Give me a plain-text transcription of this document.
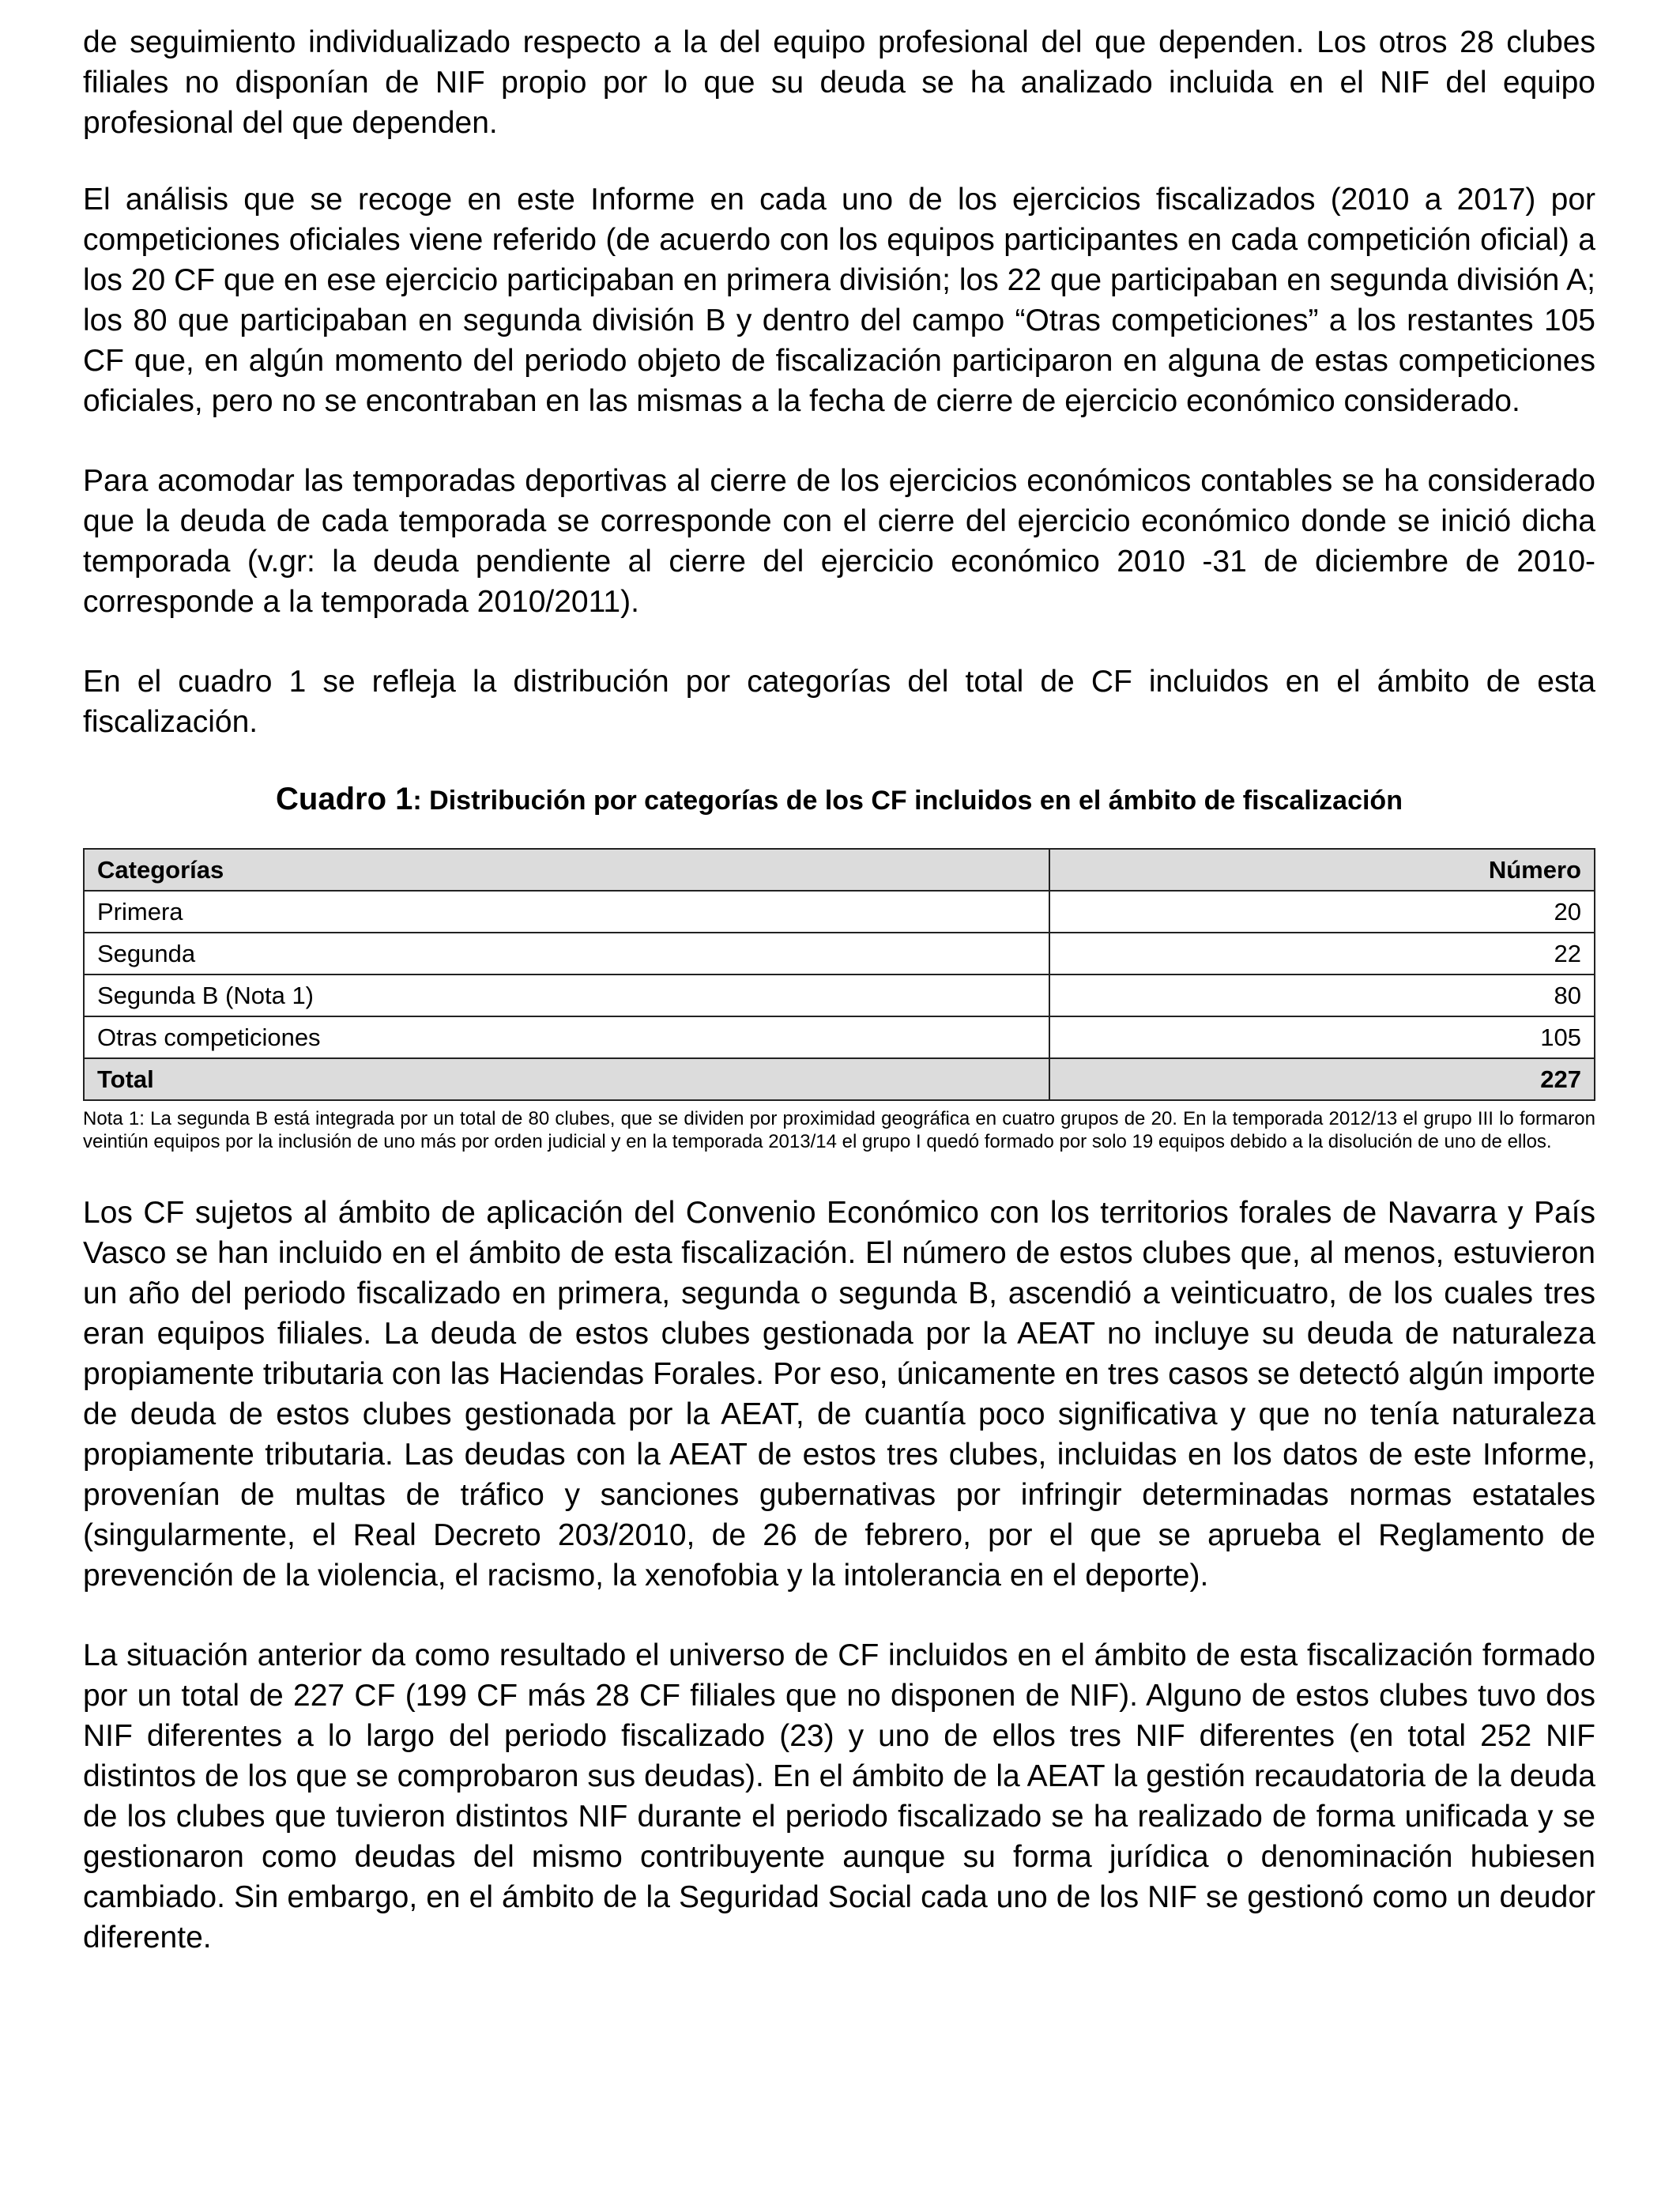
de seguimiento individualizado respecto a la del equipo profesional del que dependen. Los otros 28 clubes filiales no disponían de NIF propio por lo que su deuda se ha analizado incluida en el NIF del equipo profesional del que dependen.

El análisis que se recoge en este Informe en cada uno de los ejercicios fiscalizados (2010 a 2017) por competiciones oficiales viene referido (de acuerdo con los equipos participantes en cada competición oficial) a los 20 CF que en ese ejercicio participaban en primera división; los 22 que participaban en segunda división A; los 80 que participaban en segunda división B y dentro del campo “Otras competiciones” a los restantes 105 CF que, en algún momento del periodo objeto de fiscalización participaron en alguna de estas competiciones oficiales, pero no se encontraban en las mismas a la fecha de cierre de ejercicio económico considerado.

Para acomodar las temporadas deportivas al cierre de los ejercicios económicos contables se ha considerado que la deuda de cada temporada se corresponde con el cierre del ejercicio económico donde se inició dicha temporada (v.gr: la deuda pendiente al cierre del ejercicio económico 2010 -31 de diciembre de 2010- corresponde a la temporada 2010/2011).

En el cuadro 1 se refleja la distribución por categorías del total de CF incluidos en el ámbito de esta fiscalización.

Cuadro 1: Distribución por categorías de los CF incluidos en el ámbito de fiscalización
Categorías	Número
Primera	20
Segunda	22
Segunda B (Nota 1)	80
Otras competiciones	105
Total	227
Nota 1: La segunda B está integrada por un total de 80 clubes, que se dividen por proximidad geográfica en cuatro grupos de 20. En la temporada 2012/13 el grupo III lo formaron veintiún equipos por la inclusión de uno más por orden judicial y en la temporada 2013/14 el grupo I quedó formado por solo 19 equipos debido a la disolución de uno de ellos.

Los CF sujetos al ámbito de aplicación del Convenio Económico con los territorios forales de Navarra y País Vasco se han incluido en el ámbito de esta fiscalización. El número de estos clubes que, al menos, estuvieron un año del periodo fiscalizado en primera, segunda o segunda B, ascendió a veinticuatro, de los cuales tres eran equipos filiales. La deuda de estos clubes gestionada por la AEAT no incluye su deuda de naturaleza propiamente tributaria con las Haciendas Forales. Por eso, únicamente en tres casos se detectó algún importe de deuda de estos clubes gestionada por la AEAT, de cuantía poco significativa y que no tenía naturaleza propiamente tributaria. Las deudas con la AEAT de estos tres clubes, incluidas en los datos de este Informe, provenían de multas de tráfico y sanciones gubernativas por infringir determinadas normas estatales (singularmente, el Real Decreto 203/2010, de 26 de febrero, por el que se aprueba el Reglamento de prevención de la violencia, el racismo, la xenofobia y la intolerancia en el deporte).

La situación anterior da como resultado el universo de CF incluidos en el ámbito de esta fiscalización formado por un total de 227 CF (199 CF más 28 CF filiales que no disponen de NIF). Alguno de estos clubes tuvo dos NIF diferentes a lo largo del periodo fiscalizado (23) y uno de ellos tres NIF diferentes (en total 252 NIF distintos de los que se comprobaron sus deudas). En el ámbito de la AEAT la gestión recaudatoria de la deuda de los clubes que tuvieron distintos NIF durante el periodo fiscalizado se ha realizado de forma unificada y se gestionaron como deudas del mismo contribuyente aunque su forma jurídica o denominación hubiesen cambiado. Sin embargo, en el ámbito de la Seguridad Social cada uno de los NIF se gestionó como un deudor diferente.
